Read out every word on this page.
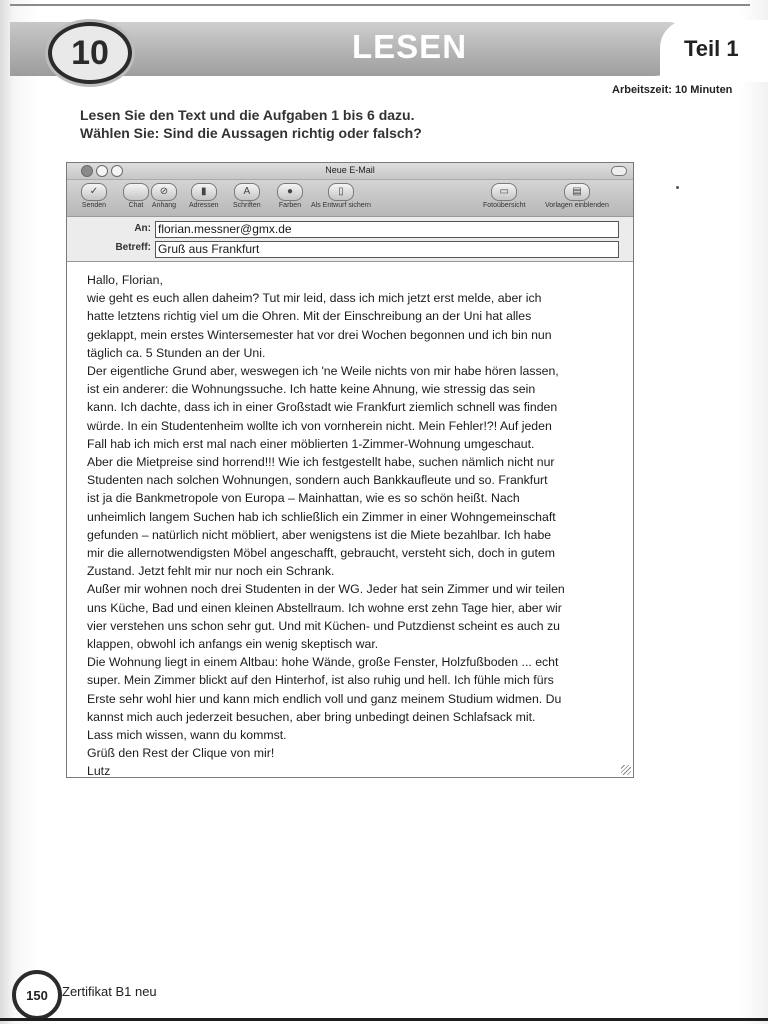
LESEN
10	Teil 1
Arbeitszeit: 10 Minuten
Lesen Sie den Text und die Aufgaben 1 bis 6 dazu.
Wählen Sie: Sind die Aussagen richtig oder falsch?
Neue E-Mail
✓
Senden	Chat
⊘
Anhang
▮
Adressen
A
Schriften
●
Farben
▯
Als Entwurf sichern
▭
Fotoübersicht
▤
Vorlagen einblenden
An: florian.messner@gmx.de
Betreff: Gruß aus Frankfurt

Hallo, Florian,

wie geht es euch allen daheim? Tut mir leid, dass ich mich jetzt erst melde, aber ich

hatte letztens richtig viel um die Ohren. Mit der Einschreibung an der Uni hat alles

geklappt, mein erstes Wintersemester hat vor drei Wochen begonnen und ich bin nun

täglich ca. 5 Stunden an der Uni.

Der eigentliche Grund aber, weswegen ich 'ne Weile nichts von mir habe hören lassen,

ist ein anderer: die Wohnungssuche. Ich hatte keine Ahnung, wie stressig das sein

kann. Ich dachte, dass ich in einer Großstadt wie Frankfurt ziemlich schnell was finden

würde. In ein Studentenheim wollte ich von vornherein nicht. Mein Fehler!?! Auf jeden

Fall hab ich mich erst mal nach einer möblierten 1-Zimmer-Wohnung umgeschaut.

Aber die Mietpreise sind horrend!!! Wie ich festgestellt habe, suchen nämlich nicht nur

Studenten nach solchen Wohnungen, sondern auch Bankkaufleute und so. Frankfurt

ist ja die Bankmetropole von Europa – Mainhattan, wie es so schön heißt. Nach

unheimlich langem Suchen hab ich schließlich ein Zimmer in einer Wohngemeinschaft

gefunden – natürlich nicht möbliert, aber wenigstens ist die Miete bezahlbar. Ich habe

mir die allernotwendigsten Möbel angeschafft, gebraucht, versteht sich, doch in gutem

Zustand. Jetzt fehlt mir nur noch ein Schrank.

Außer mir wohnen noch drei Studenten in der WG. Jeder hat sein Zimmer und wir teilen

uns Küche, Bad und einen kleinen Abstellraum. Ich wohne erst zehn Tage hier, aber wir

vier verstehen uns schon sehr gut. Und mit Küchen- und Putzdienst scheint es auch zu

klappen, obwohl ich anfangs ein wenig skeptisch war.

Die Wohnung liegt in einem Altbau: hohe Wände, große Fenster, Holzfußboden ... echt

super. Mein Zimmer blickt auf den Hinterhof, ist also ruhig und hell. Ich fühle mich fürs

Erste sehr wohl hier und kann mich endlich voll und ganz meinem Studium widmen. Du

kannst mich auch jederzeit besuchen, aber bring unbedingt deinen Schlafsack mit.

Lass mich wissen, wann du kommst.

Grüß den Rest der Clique von mir!

Lutz

150 Zertifikat B1 neu
